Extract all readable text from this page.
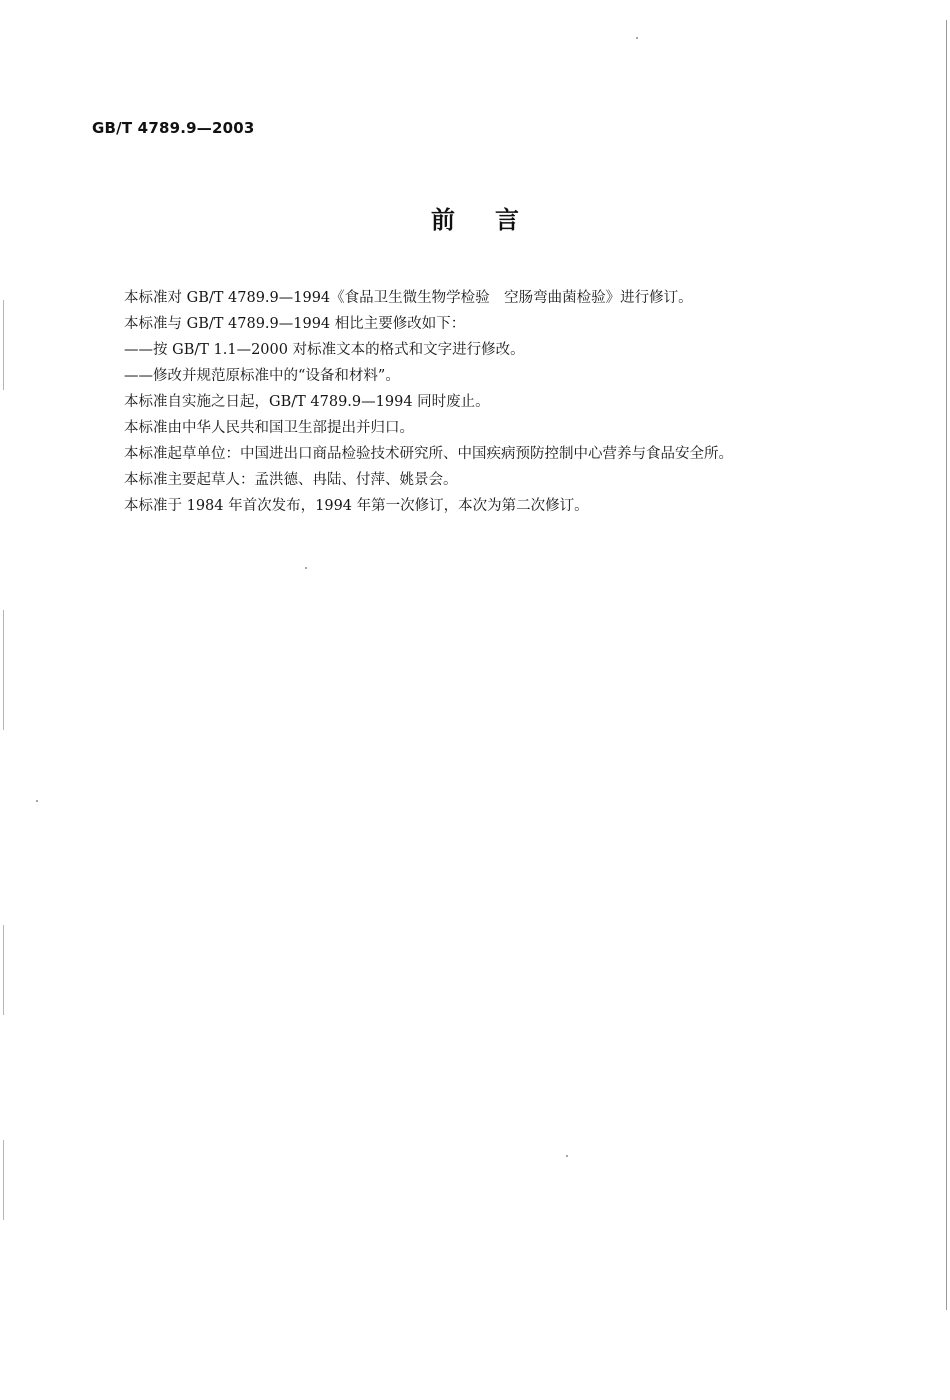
GB/T 4789.9—2003
前言
本标准对 GB/T 4789.9—1994《食品卫生微生物学检验　空肠弯曲菌检验》进行修订。
本标准与 GB/T 4789.9—1994 相比主要修改如下：
——按 GB/T 1.1—2000 对标准文本的格式和文字进行修改。
——修改并规范原标准中的“设备和材料”。
本标准自实施之日起，GB/T 4789.9—1994 同时废止。
本标准由中华人民共和国卫生部提出并归口。
本标准起草单位：中国进出口商品检验技术研究所、中国疾病预防控制中心营养与食品安全所。
本标准主要起草人：孟洪德、冉陆、付萍、姚景会。
本标准于 1984 年首次发布，1994 年第一次修订，本次为第二次修订。
